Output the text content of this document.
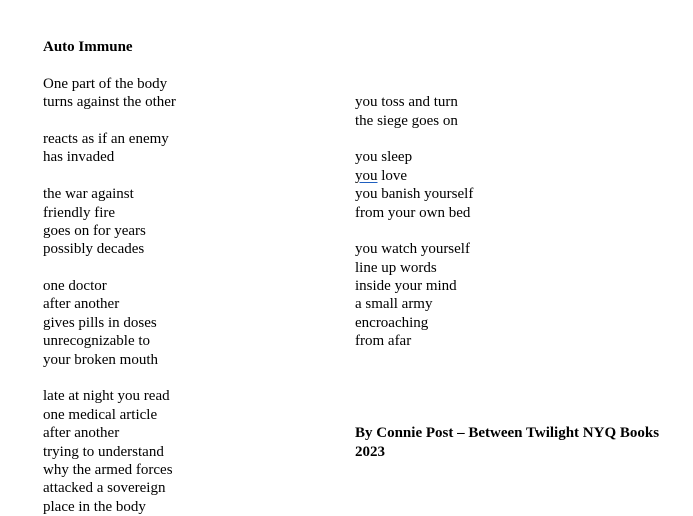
Auto Immune
One part of the body
turns against the other
reacts as if an enemy
has invaded
the war against
friendly fire
goes on for years
possibly decades
one doctor
after another
gives pills in doses
unrecognizable to
your broken mouth
late at night you read
one medical article
after another
trying to understand
why the armed forces
attacked a sovereign
place in the body
you toss and turn
the siege goes on
you sleep
you love
you banish yourself
from your own bed
you watch yourself
line up words
inside your mind
a small army
encroaching
from afar
By Connie Post – Between Twilight NYQ Books 2023
